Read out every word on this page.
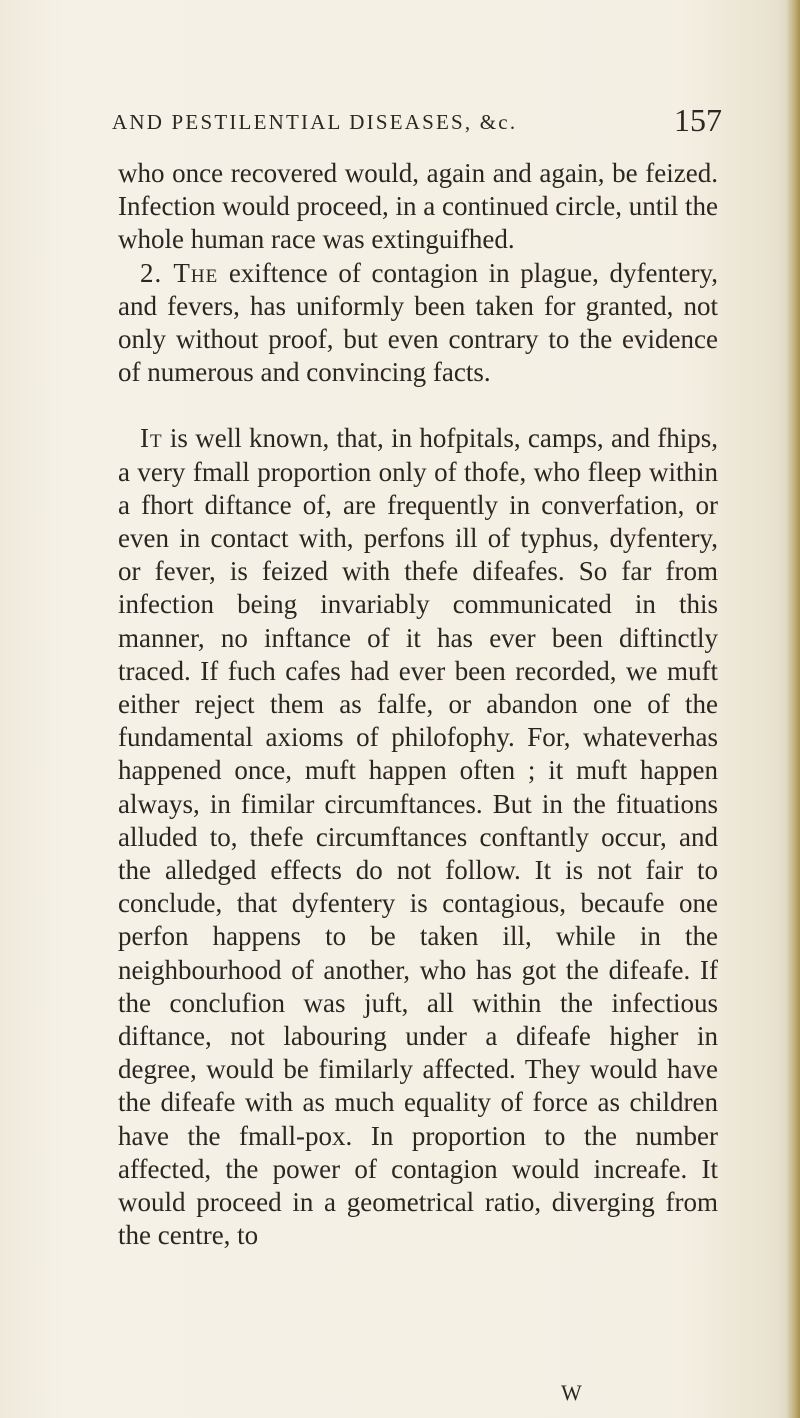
AND PESTILENTIAL DISEASES, &c.	157

who once recovered would, again and again, be feized. Infection would proceed, in a continued circle, until the whole human race was extinguifhed.

2. The exiftence of contagion in plague, dyfentery, and fevers, has uniformly been taken for granted, not only without proof, but even contrary to the evidence of numerous and convincing facts.

It is well known, that, in hofpitals, camps, and fhips, a very fmall proportion only of thofe, who fleep within a fhort diftance of, are frequently in converfation, or even in contact with, perfons ill of typhus, dyfentery, or fever, is feized with thefe difeafes. So far from infection being invariably communicated in this manner, no inftance of it has ever been diftinctly traced. If fuch cafes had ever been recorded, we muft either reject them as falfe, or abandon one of the fundamental axioms of philofophy. For, whateverhas happened once, muft happen often ; it muft happen always, in fimilar circumftances. But in the fituations alluded to, thefe circumftances conftantly occur, and the alledged effects do not follow. It is not fair to conclude, that dyfentery is contagious, becaufe one perfon happens to be taken ill, while in the neighbourhood of another, who has got the difeafe. If the conclufion was juft, all within the infectious diftance, not labouring under a difeafe higher in degree, would be fimilarly affected. They would have the difeafe with as much equality of force as children have the fmall-pox. In proportion to the number affected, the power of contagion would increafe. It would proceed in a geometrical ratio, diverging from the centre, to

W
